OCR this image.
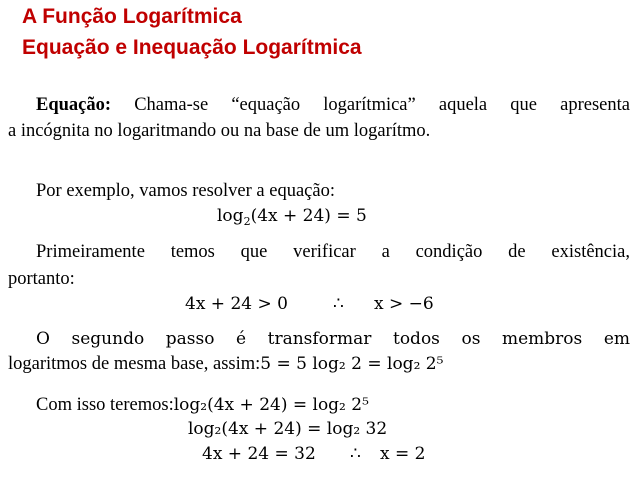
A Função Logarítmica
Equação e Inequação Logarítmica
Equação: Chama-se “equação logarítmica” aquela que apresenta
a incógnita no logaritmando ou na base de um logarítmo.
Por exemplo, vamos resolver a equação:
$\log_2(4x + 24) = 5$
Primeiramente temos que verificar a condição de existência,
portanto:
4x + 24 > 0	∴ x > −6
O segundo passo é transformar todos os membros em
logaritmos de mesma base, assim:5 = 5 log₂ 2 = log₂ 2⁵
Com isso teremos:log₂(4x + 24) = log₂ 2⁵
log₂(4x + 24) = log₂ 32
4x + 24 = 32 ∴ x = 2
